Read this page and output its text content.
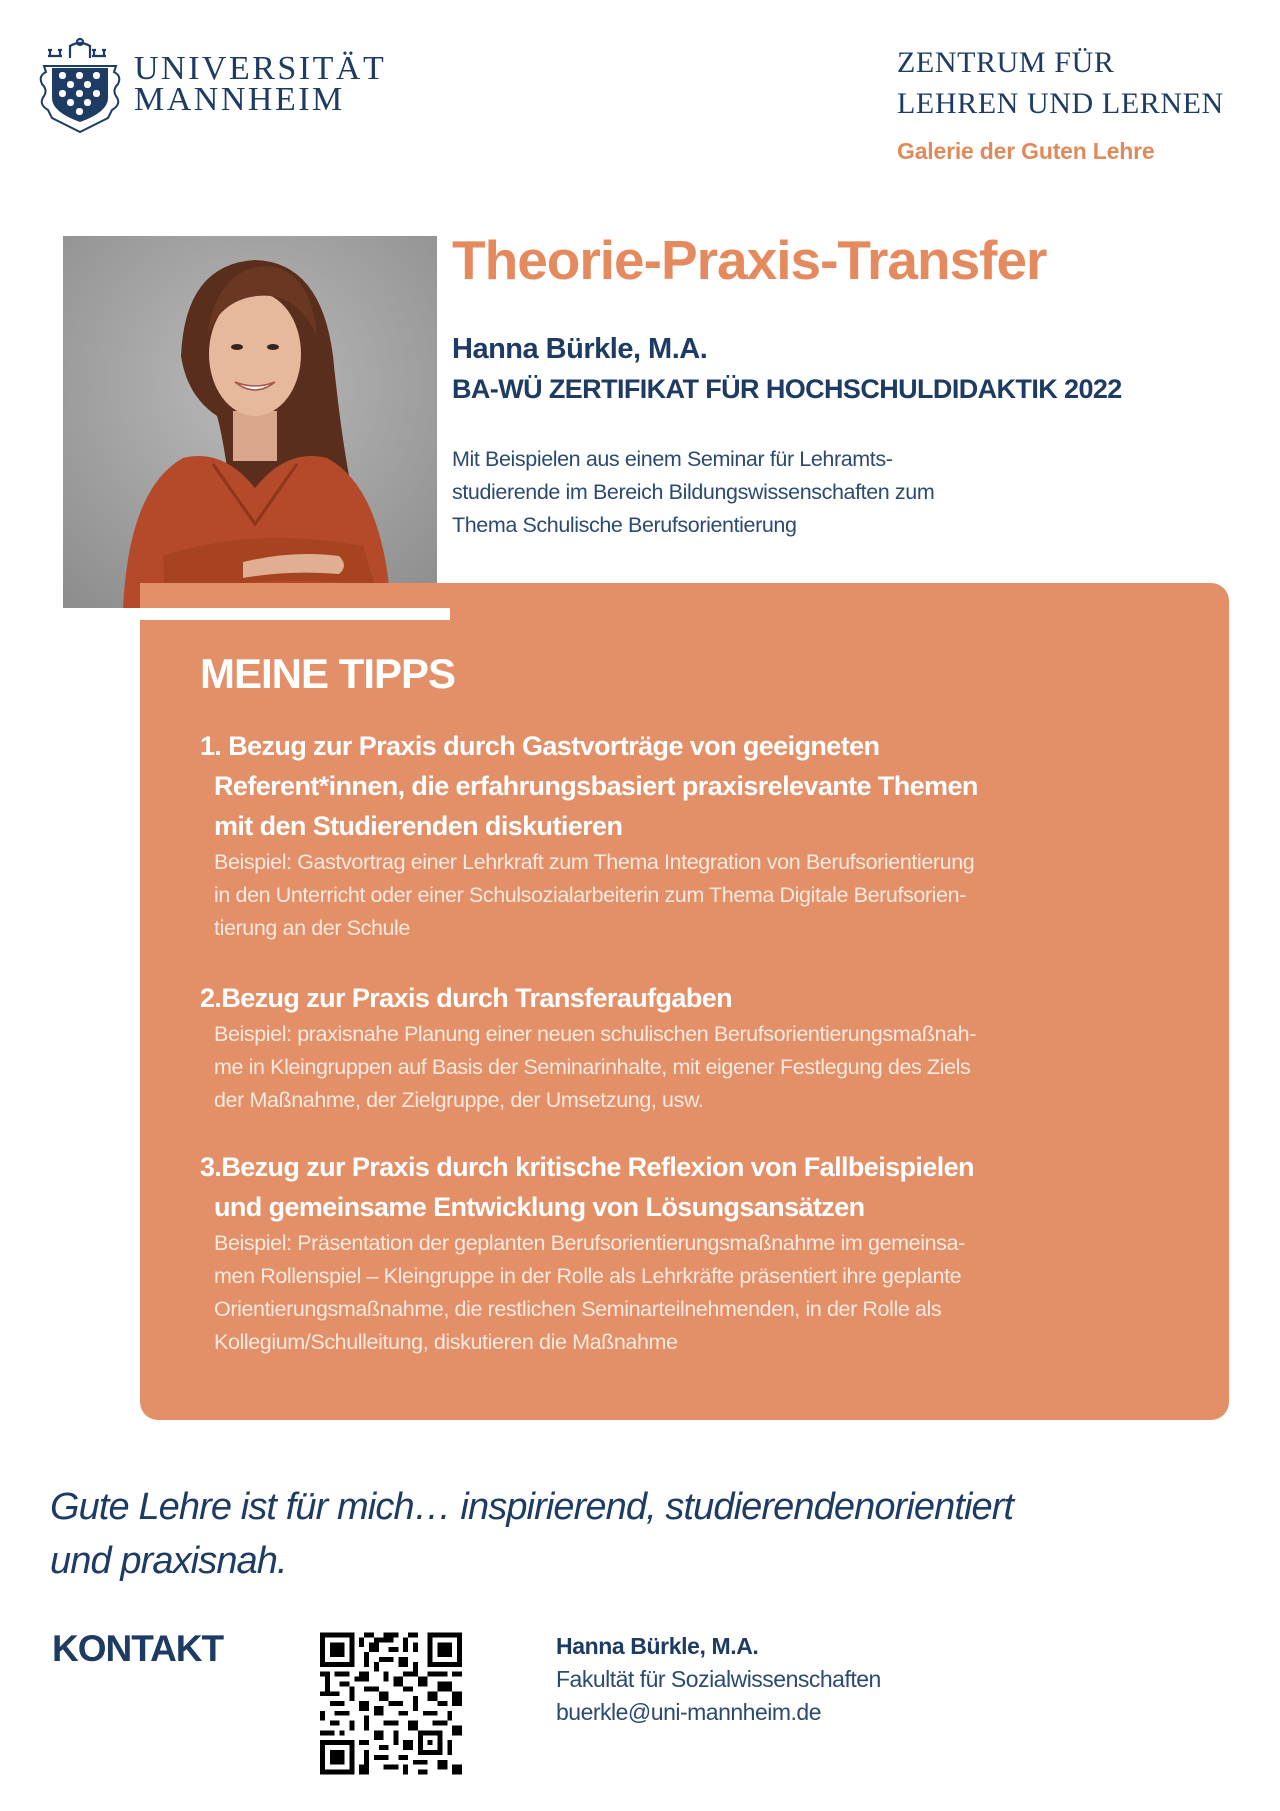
UNIVERSITÄT
MANNHEIM
ZENTRUM FÜR
LEHREN UND LERNEN
Galerie der Guten Lehre
Theorie-Praxis-Transfer
Hanna Bürkle, M.A.
BA-WÜ ZERTIFIKAT FÜR HOCHSCHULDIDAKTIK 2022
Mit Beispielen aus einem Seminar für Lehramts-
studierende im Bereich Bildungswissenschaften zum
Thema Schulische Berufsorientierung
MEINE TIPPS
1. Bezug zur Praxis durch Gastvorträge von geeigneten
Referent*innen, die erfahrungsbasiert praxisrelevante Themen
mit den Studierenden diskutieren
Beispiel: Gastvortrag einer Lehrkraft zum Thema Integration von Berufsorientierung
in den Unterricht oder einer Schulsozialarbeiterin zum Thema Digitale Berufsorien-
tierung an der Schule
2.Bezug zur Praxis durch Transferaufgaben
Beispiel: praxisnahe Planung einer neuen schulischen Berufsorientierungsmaßnah-
me in Kleingruppen auf Basis der Seminarinhalte, mit eigener Festlegung des Ziels
der Maßnahme, der Zielgruppe, der Umsetzung, usw.
3.Bezug zur Praxis durch kritische Reflexion von Fallbeispielen
und gemeinsame Entwicklung von Lösungsansätzen
Beispiel: Präsentation der geplanten Berufsorientierungsmaßnahme im gemeinsa-
men Rollenspiel – Kleingruppe in der Rolle als Lehrkräfte präsentiert ihre geplante
Orientierungsmaßnahme, die restlichen Seminarteilnehmenden, in der Rolle als
Kollegium/Schulleitung, diskutieren die Maßnahme
Gute Lehre ist für mich… inspirierend, studierendenorientiert
und praxisnah.
KONTAKT	Hanna Bürkle, M.A.
Fakultät für Sozialwissenschaften
buerkle@uni-mannheim.de
